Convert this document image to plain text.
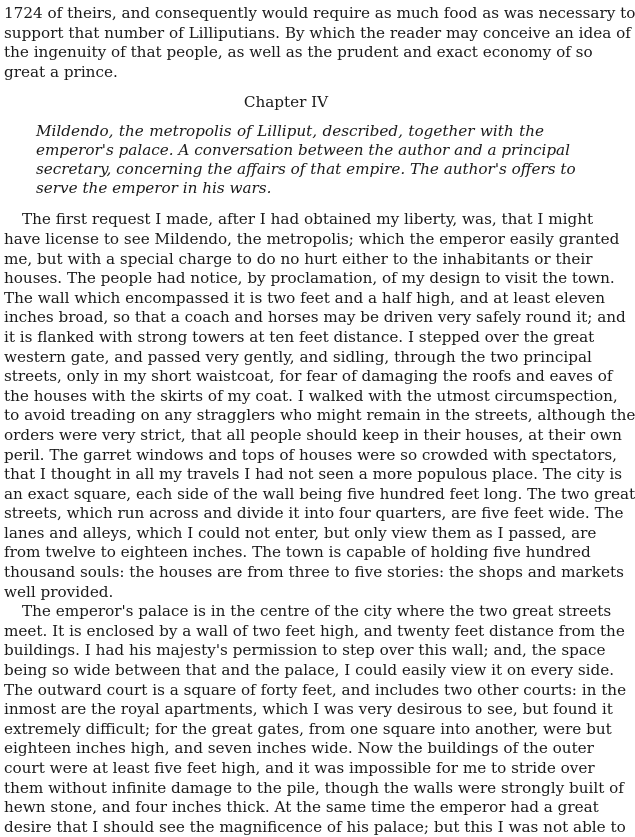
1724 of theirs, and consequently would require as much food as was necessary to
support that number of Lilliputians. By which the reader may conceive an idea of
the ingenuity of that people, as well as the prudent and exact economy of so
great a prince.
Chapter IV
Mildendo, the metropolis of Lilliput, described, together with the
emperor's palace. A conversation between the author and a principal
secretary, concerning the affairs of that empire. The author's offers to
serve the emperor in his wars.
The first request I made, after I had obtained my liberty, was, that I might
have license to see Mildendo, the metropolis; which the emperor easily granted
me, but with a special charge to do no hurt either to the inhabitants or their
houses. The people had notice, by proclamation, of my design to visit the town.
The wall which encompassed it is two feet and a half high, and at least eleven
inches broad, so that a coach and horses may be driven very safely round it; and
it is flanked with strong towers at ten feet distance. I stepped over the great
western gate, and passed very gently, and sidling, through the two principal
streets, only in my short waistcoat, for fear of damaging the roofs and eaves of
the houses with the skirts of my coat. I walked with the utmost circumspection,
to avoid treading on any stragglers who might remain in the streets, although the
orders were very strict, that all people should keep in their houses, at their own
peril. The garret windows and tops of houses were so crowded with spectators,
that I thought in all my travels I had not seen a more populous place. The city is
an exact square, each side of the wall being five hundred feet long. The two great
streets, which run across and divide it into four quarters, are five feet wide. The
lanes and alleys, which I could not enter, but only view them as I passed, are
from twelve to eighteen inches. The town is capable of holding five hundred
thousand souls: the houses are from three to five stories: the shops and markets
well provided.
The emperor's palace is in the centre of the city where the two great streets
meet. It is enclosed by a wall of two feet high, and twenty feet distance from the
buildings. I had his majesty's permission to step over this wall; and, the space
being so wide between that and the palace, I could easily view it on every side.
The outward court is a square of forty feet, and includes two other courts: in the
inmost are the royal apartments, which I was very desirous to see, but found it
extremely difficult; for the great gates, from one square into another, were but
eighteen inches high, and seven inches wide. Now the buildings of the outer
court were at least five feet high, and it was impossible for me to stride over
them without infinite damage to the pile, though the walls were strongly built of
hewn stone, and four inches thick. At the same time the emperor had a great
desire that I should see the magnificence of his palace; but this I was not able to
